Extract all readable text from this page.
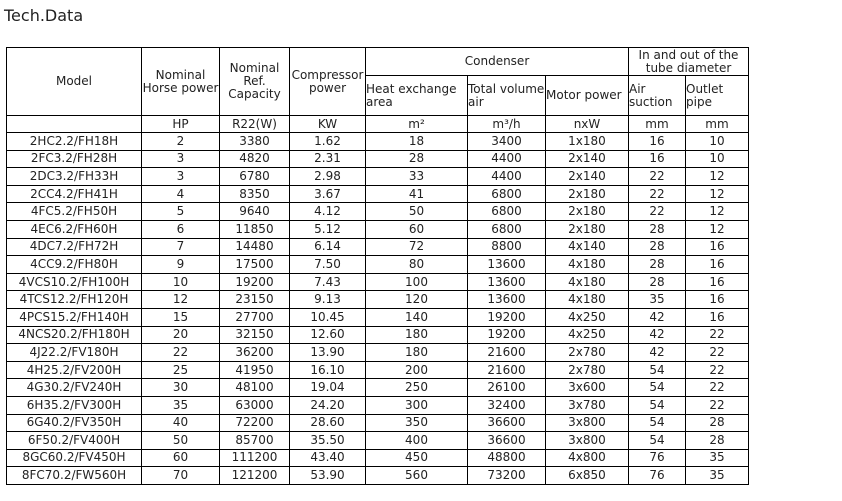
Tech.Data
Model	Nominal Horse power	Nominal Ref. Capacity	Compressor power	Condenser			In and out of the tube diameter	
				Heat exchange area	Total volume air	Motor power	Air suction	Outlet pipe
	HP	R22(W)	KW	m²	m³/h	nxW	mm	mm
2HC2.2/FH18H	2	3380	1.62	18	3400	1x180	16	10
2FC3.2/FH28H	3	4820	2.31	28	4400	2x140	16	10
2DC3.2/FH33H	3	6780	2.98	33	4400	2x140	22	12
2CC4.2/FH41H	4	8350	3.67	41	6800	2x180	22	12
4FC5.2/FH50H	5	9640	4.12	50	6800	2x180	22	12
4EC6.2/FH60H	6	11850	5.12	60	6800	2x180	28	12
4DC7.2/FH72H	7	14480	6.14	72	8800	4x140	28	16
4CC9.2/FH80H	9	17500	7.50	80	13600	4x180	28	16
4VCS10.2/FH100H	10	19200	7.43	100	13600	4x180	28	16
4TCS12.2/FH120H	12	23150	9.13	120	13600	4x180	35	16
4PCS15.2/FH140H	15	27700	10.45	140	19200	4x250	42	16
4NCS20.2/FH180H	20	32150	12.60	180	19200	4x250	42	22
4J22.2/FV180H	22	36200	13.90	180	21600	2x780	42	22
4H25.2/FV200H	25	41950	16.10	200	21600	2x780	54	22
4G30.2/FV240H	30	48100	19.04	250	26100	3x600	54	22
6H35.2/FV300H	35	63000	24.20	300	32400	3x780	54	22
6G40.2/FV350H	40	72200	28.60	350	36600	3x800	54	28
6F50.2/FV400H	50	85700	35.50	400	36600	3x800	54	28
8GC60.2/FV450H	60	111200	43.40	450	48800	4x800	76	35
8FC70.2/FW560H	70	121200	53.90	560	73200	6x850	76	35
